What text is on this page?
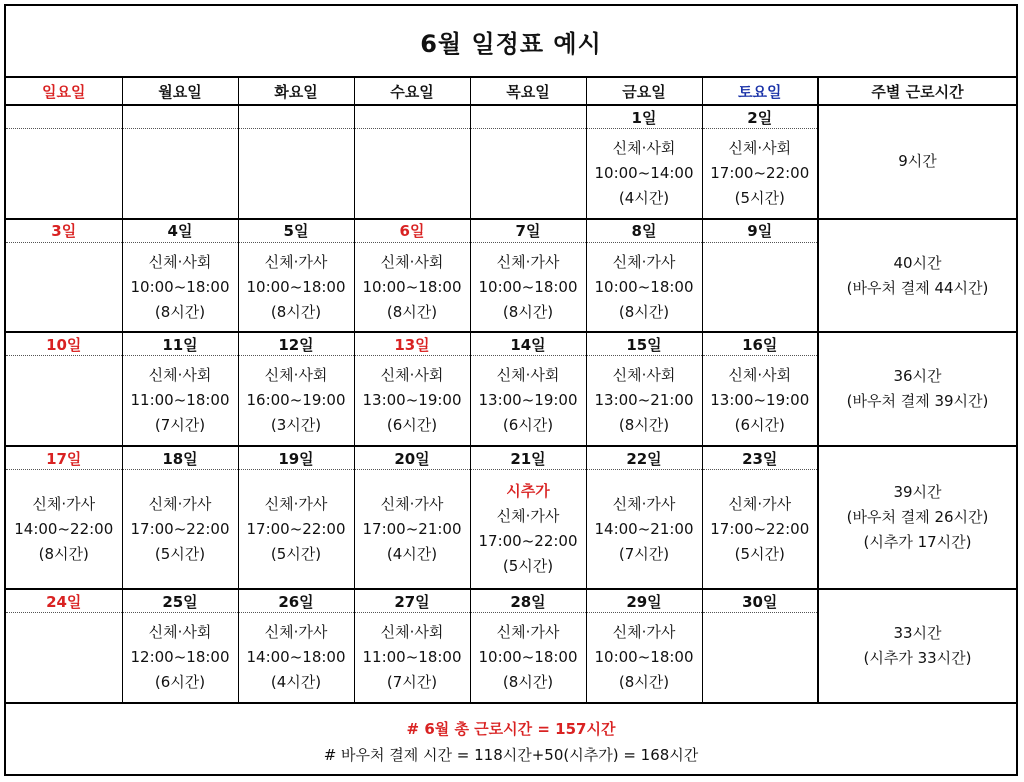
6월 일정표 예시
일요일	월요일	화요일	수요일	목요일	금요일	토요일	주별 근로시간
					1일	2일	9시간

					신체·사회
10:00~14:00
(4시간)	신체·사회
17:00~22:00
(5시간)	

3일	4일	5일	6일	7일	8일	9일	40시간
(바우처 결제 44시간)

	신체·사회
10:00~18:00
(8시간)	신체·가사
10:00~18:00
(8시간)	신체·사회
10:00~18:00
(8시간)	신체·가사
10:00~18:00
(8시간)	신체·가사
10:00~18:00
(8시간)		

10일	11일	12일	13일	14일	15일	16일	36시간
(바우처 결제 39시간)

	신체·사회
11:00~18:00
(7시간)	신체·사회
16:00~19:00
(3시간)	신체·사회
13:00~19:00
(6시간)	신체·사회
13:00~19:00
(6시간)	신체·사회
13:00~21:00
(8시간)	신체·사회
13:00~19:00
(6시간)	

17일	18일	19일	20일	21일	22일	23일	39시간
(바우처 결제 26시간)
(시추가 17시간)

신체·가사
14:00~22:00
(8시간)	신체·가사
17:00~22:00
(5시간)	신체·가사
17:00~22:00
(5시간)	신체·가사
17:00~21:00
(4시간)	시추가
신체·가사
17:00~22:00
(5시간)	신체·가사
14:00~21:00
(7시간)	신체·가사
17:00~22:00
(5시간)	

24일	25일	26일	27일	28일	29일	30일	33시간
(시추가 33시간)

	신체·사회
12:00~18:00
(6시간)	신체·가사
14:00~18:00
(4시간)	신체·사회
11:00~18:00
(7시간)	신체·가사
10:00~18:00
(8시간)	신체·가사
10:00~18:00
(8시간)		

# 6월 총 근로시간 = 157시간
# 바우처 결제 시간 = 118시간+50(시추가) = 168시간
